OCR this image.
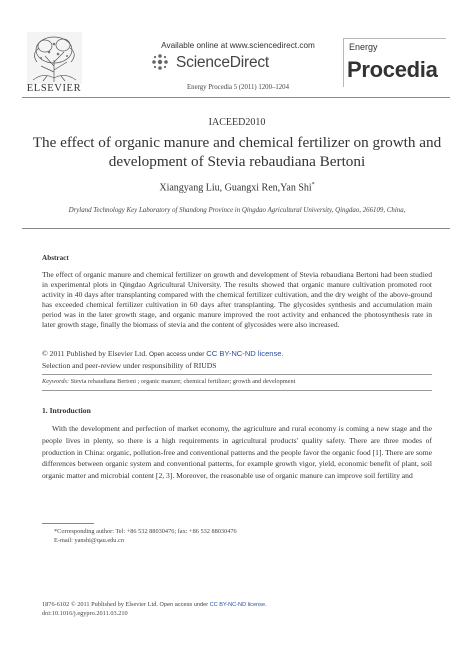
ELSEVIER
Available online at www.sciencedirect.com
ScienceDirect
Energy Procedia 5 (2011) 1200–1204
Energy
Procedia
IACEED2010
The effect of organic manure and chemical fertilizer on growth and development of Stevia rebaudiana Bertoni
Xiangyang Liu, Guangxi Ren,Yan Shi*
Dryland Technology Key Laboratory of Shandong Province in Qingdao Agricultural University, Qingdao, 266109, China,
Abstract
The effect of organic manure and chemical fertilizer on growth and development of Stevia rebaudiana Bertoni had been studied in experimental plots in Qingdao Agricultural University. The results showed that organic manure cultivation promoted root activity in 40 days after transplanting compared with the chemical fertilizer cultivation, and the dry weight of the above-ground has exceeded chemical fertilizer cultivation in 60 days after transplanting. The glycosides synthesis and accumulation main period was in the later growth stage, and organic manure improved the root activity and enhanced the photosynthesis rate in later growth stage, finally the biomass of stevia and the content of glycosides were also increased.
© 2011 Published by Elsevier Ltd. Open access under CC BY-NC-ND license.
Selection and peer-review under responsibility of RIUDS
Keywords: Stevia rebaudiana Bertoni ; organic manure; chemical fertilizer; growth and development
1. Introduction
With the development and perfection of market economy, the agriculture and rural economy is coming a new stage and the people lives in plenty, so there is a high requirements in agricultural products' quality safety. There are three modes of production in China: organic, pollution-free and conventional patterns and the people favor the organic food [1]. There are some differences between organic system and conventional patterns, for example growth vigor, yield, economic benefit of plant, soil organic matter and microbial content [2, 3]. Moreover, the reasonable use of organic manure can improve soil fertility and
*Corresponding author: Tel: +86 532 88030476; fax: +86 532 88030476
E-mail: yanshi@qau.edu.cn
1876-6102 © 2011 Published by Elsevier Ltd. Open access under CC BY-NC-ND license.
doi:10.1016/j.egypro.2011.03.210
